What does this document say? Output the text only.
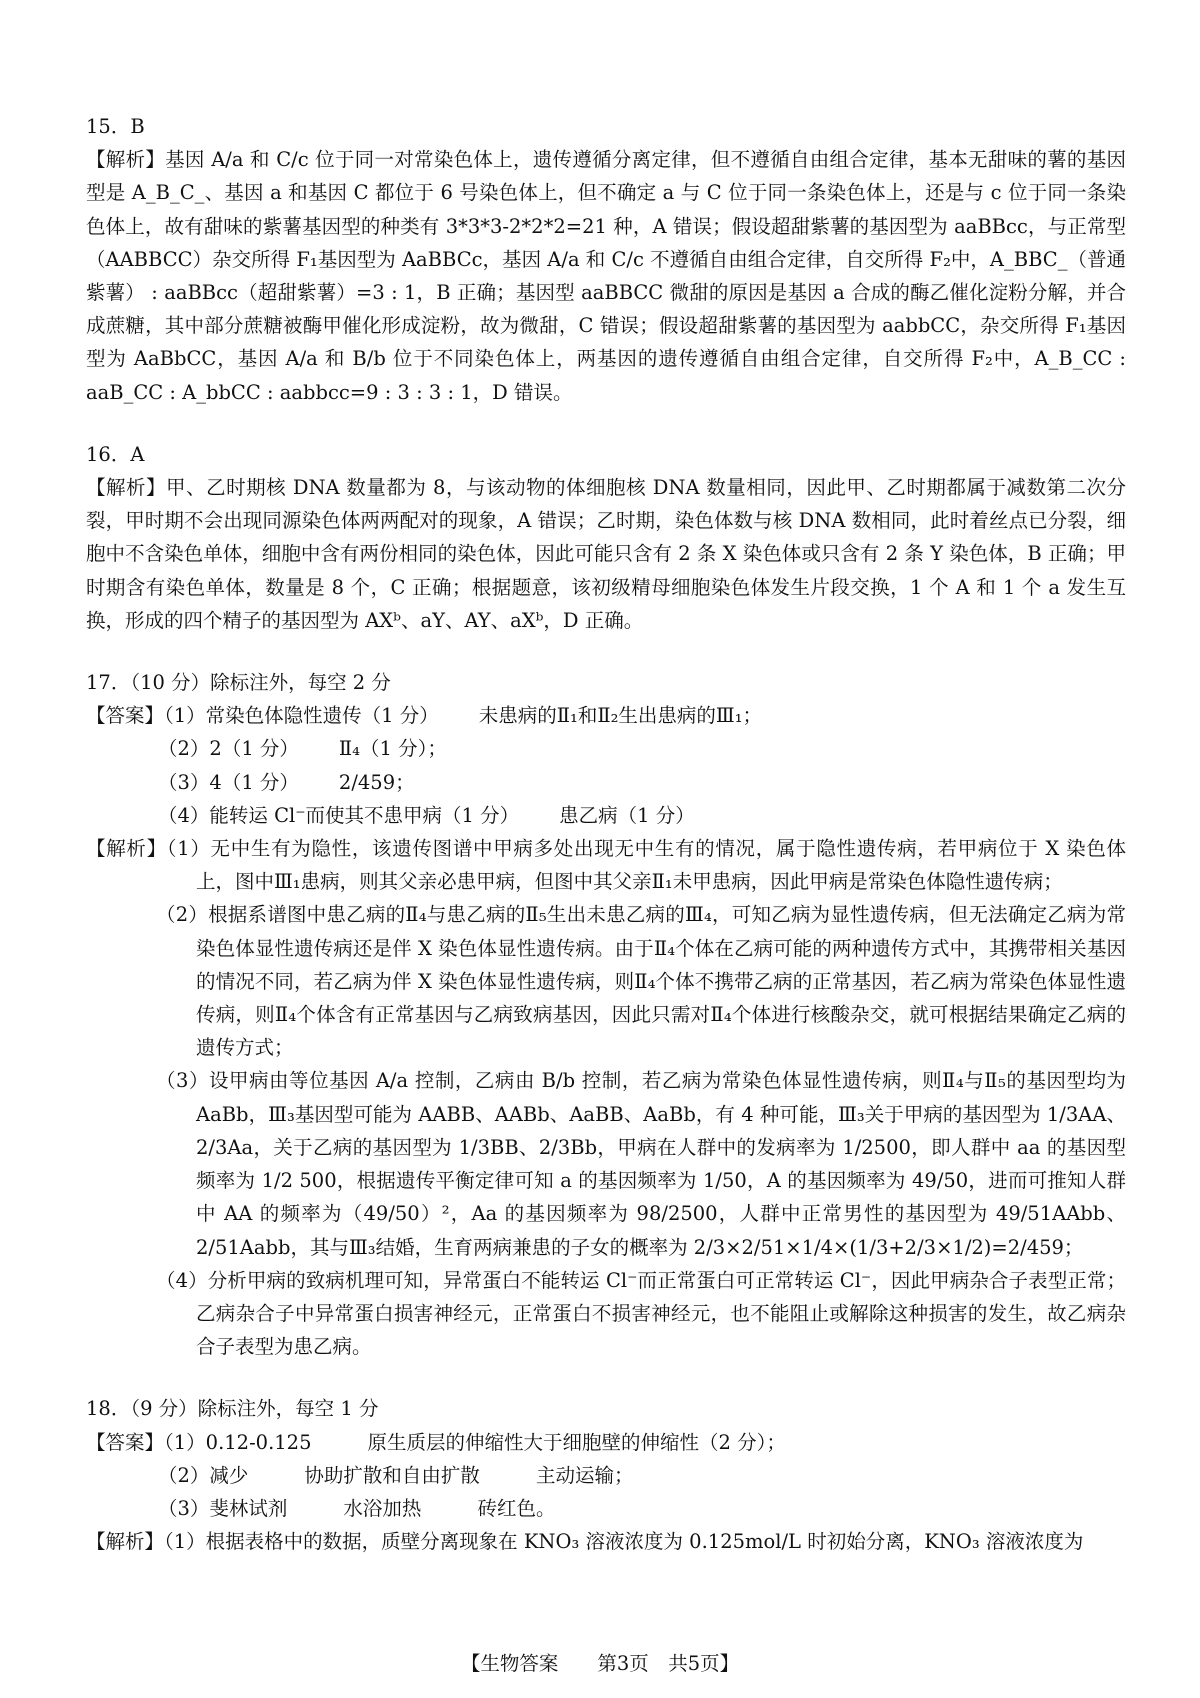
15．B

【解析】基因 A/a 和 C/c 位于同一对常染色体上，遗传遵循分离定律，但不遵循自由组合定律，基本无甜味的薯的基因型是 A_B_C_、基因 a 和基因 C 都位于 6 号染色体上，但不确定 a 与 C 位于同一条染色体上，还是与 c 位于同一条染色体上，故有甜味的紫薯基因型的种类有 3*3*3-2*2*2=21 种，A 错误；假设超甜紫薯的基因型为 aaBBcc，与正常型（AABBCC）杂交所得 F₁基因型为 AaBBCc，基因 A/a 和 C/c 不遵循自由组合定律，自交所得 F₂中，A_BBC_（普通紫薯） : aaBBcc（超甜紫薯）=3 : 1，B 正确；基因型 aaBBCC 微甜的原因是基因 a 合成的酶乙催化淀粉分解，并合成蔗糖，其中部分蔗糖被酶甲催化形成淀粉，故为微甜，C 错误；假设超甜紫薯的基因型为 aabbCC，杂交所得 F₁基因型为 AaBbCC，基因 A/a 和 B/b 位于不同染色体上，两基因的遗传遵循自由组合定律，自交所得 F₂中，A_B_CC : aaB_CC : A_bbCC : aabbcc=9 : 3 : 3 : 1，D 错误。

16．A

【解析】甲、乙时期核 DNA 数量都为 8，与该动物的体细胞核 DNA 数量相同，因此甲、乙时期都属于减数第二次分裂，甲时期不会出现同源染色体两两配对的现象，A 错误；乙时期，染色体数与核 DNA 数相同，此时着丝点已分裂，细胞中不含染色单体，细胞中含有两份相同的染色体，因此可能只含有 2 条 X 染色体或只含有 2 条 Y 染色体，B 正确；甲时期含有染色单体，数量是 8 个，C 正确；根据题意，该初级精母细胞染色体发生片段交换，1 个 A 和 1 个 a 发生互换，形成的四个精子的基因型为 AXᵇ、aY、AY、aXᵇ，D 正确。

17．（10 分）除标注外，每空 2 分

【答案】（1）常染色体隐性遗传（1 分） 未患病的Ⅱ₁和Ⅱ₂生出患病的Ⅲ₁；
（2）2（1 分） Ⅱ₄（1 分）；
（3）4（1 分） 2/459；
（4）能转运 Cl⁻而使其不患甲病（1 分） 患乙病（1 分）

【解析】（1）无中生有为隐性，该遗传图谱中甲病多处出现无中生有的情况，属于隐性遗传病，若甲病位于 X 染色体上，图中Ⅲ₁患病，则其父亲必患甲病，但图中其父亲Ⅱ₁未甲患病，因此甲病是常染色体隐性遗传病；

（2）根据系谱图中患乙病的Ⅱ₄与患乙病的Ⅱ₅生出未患乙病的Ⅲ₄，可知乙病为显性遗传病，但无法确定乙病为常染色体显性遗传病还是伴 X 染色体显性遗传病。由于Ⅱ₄个体在乙病可能的两种遗传方式中，其携带相关基因的情况不同，若乙病为伴 X 染色体显性遗传病，则Ⅱ₄个体不携带乙病的正常基因，若乙病为常染色体显性遗传病，则Ⅱ₄个体含有正常基因与乙病致病基因，因此只需对Ⅱ₄个体进行核酸杂交，就可根据结果确定乙病的遗传方式；

（3）设甲病由等位基因 A/a 控制，乙病由 B/b 控制，若乙病为常染色体显性遗传病，则Ⅱ₄与Ⅱ₅的基因型均为 AaBb，Ⅲ₃基因型可能为 AABB、AABb、AaBB、AaBb，有 4 种可能，Ⅲ₃关于甲病的基因型为 1/3AA、2/3Aa，关于乙病的基因型为 1/3BB、2/3Bb，甲病在人群中的发病率为 1/2500，即人群中 aa 的基因型频率为 1/2 500，根据遗传平衡定律可知 a 的基因频率为 1/50，A 的基因频率为 49/50，进而可推知人群中 AA 的频率为（49/50）²，Aa 的基因频率为 98/2500，人群中正常男性的基因型为 49/51AAbb、2/51Aabb，其与Ⅲ₃结婚，生育两病兼患的子女的概率为 2/3×2/51×1/4×(1/3+2/3×1/2)=2/459；

（4）分析甲病的致病机理可知，异常蛋白不能转运 Cl⁻而正常蛋白可正常转运 Cl⁻，因此甲病杂合子表型正常；乙病杂合子中异常蛋白损害神经元，正常蛋白不损害神经元，也不能阻止或解除这种损害的发生，故乙病杂合子表型为患乙病。

18．（9 分）除标注外，每空 1 分

【答案】（1）0.12-0.125	原生质层的伸缩性大于细胞壁的伸缩性（2 分）；
（2）减少	协助扩散和自由扩散	主动运输；
（3）斐林试剂	水浴加热	砖红色。

【解析】（1）根据表格中的数据，质壁分离现象在 KNO₃ 溶液浓度为 0.125mol/L 时初始分离，KNO₃ 溶液浓度为

【生物答案　　第3页　共5页】
